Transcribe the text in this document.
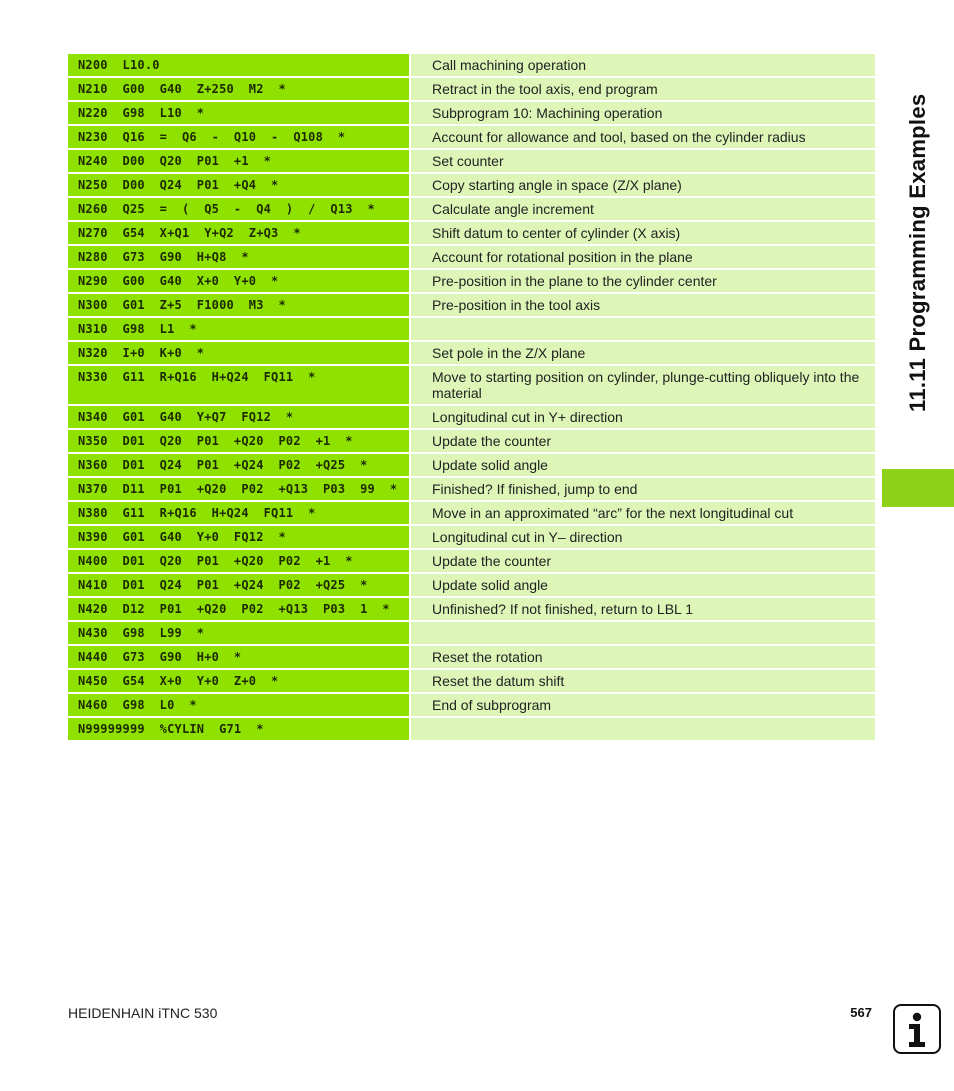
N200  L10.0	Call machining operation
N210  G00  G40  Z+250  M2  *	Retract in the tool axis, end program
N220  G98  L10  *	Subprogram 10: Machining operation
N230  Q16  =  Q6  -  Q10  -  Q108  *	Account for allowance and tool, based on the cylinder radius
N240  D00  Q20  P01  +1  *	Set counter
N250  D00  Q24  P01  +Q4  *	Copy starting angle in space (Z/X plane)
N260  Q25  =  (  Q5  -  Q4  )  /  Q13  *	Calculate angle increment
N270  G54  X+Q1  Y+Q2  Z+Q3  *	Shift datum to center of cylinder (X axis)
N280  G73  G90  H+Q8  *	Account for rotational position in the plane
N290  G00  G40  X+0  Y+0  *	Pre-position in the plane to the cylinder center
N300  G01  Z+5  F1000  M3  *	Pre-position in the tool axis
N310  G98  L1  *
N320  I+0  K+0  *	Set pole in the Z/X plane
N330  G11  R+Q16  H+Q24  FQ11  *	Move to starting position on cylinder, plunge-cutting obliquely into the material
N340  G01  G40  Y+Q7  FQ12  *	Longitudinal cut in Y+ direction
N350  D01  Q20  P01  +Q20  P02  +1  *	Update the counter
N360  D01  Q24  P01  +Q24  P02  +Q25  *	Update solid angle
N370  D11  P01  +Q20  P02  +Q13  P03  99  *	Finished? If finished, jump to end
N380  G11  R+Q16  H+Q24  FQ11  *	Move in an approximated “arc” for the next longitudinal cut
N390  G01  G40  Y+0  FQ12  *	Longitudinal cut in Y– direction
N400  D01  Q20  P01  +Q20  P02  +1  *	Update the counter
N410  D01  Q24  P01  +Q24  P02  +Q25  *	Update solid angle
N420  D12  P01  +Q20  P02  +Q13  P03  1  *	Unfinished? If not finished, return to LBL 1
N430  G98  L99  *
N440  G73  G90  H+0  *	Reset the rotation
N450  G54  X+0  Y+0  Z+0  *	Reset the datum shift
N460  G98  L0  *	End of subprogram
N99999999  %CYLIN  G71  *
11.11 Programming Examples
HEIDENHAIN iTNC 530	567
